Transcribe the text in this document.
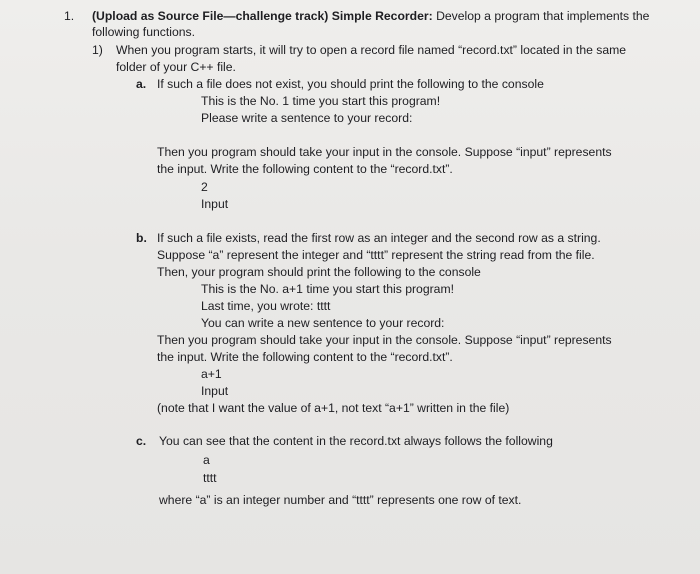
1. (Upload as Source File—challenge track) Simple Recorder: Develop a program that implements the
following functions.
1) When you program starts, it will try to open a record file named “record.txt” located in the same
folder of your C++ file.
a. If such a file does not exist, you should print the following to the console
This is the No. 1 time you start this program!
Please write a sentence to your record:
Then you program should take your input in the console. Suppose “input” represents
the input. Write the following content to the “record.txt”.
2
Input
b. If such a file exists, read the first row as an integer and the second row as a string.
Suppose “a” represent the integer and “tttt” represent the string read from the file.
Then, your program should print the following to the console
This is the No. a+1 time you start this program!
Last time, you wrote: tttt
You can write a new sentence to your record:
Then you program should take your input in the console. Suppose “input” represents
the input. Write the following content to the “record.txt”.
a+1
Input
(note that I want the value of a+1, not text “a+1” written in the file)
c. You can see that the content in the record.txt always follows the following
a
tttt
where “a” is an integer number and “tttt” represents one row of text.
